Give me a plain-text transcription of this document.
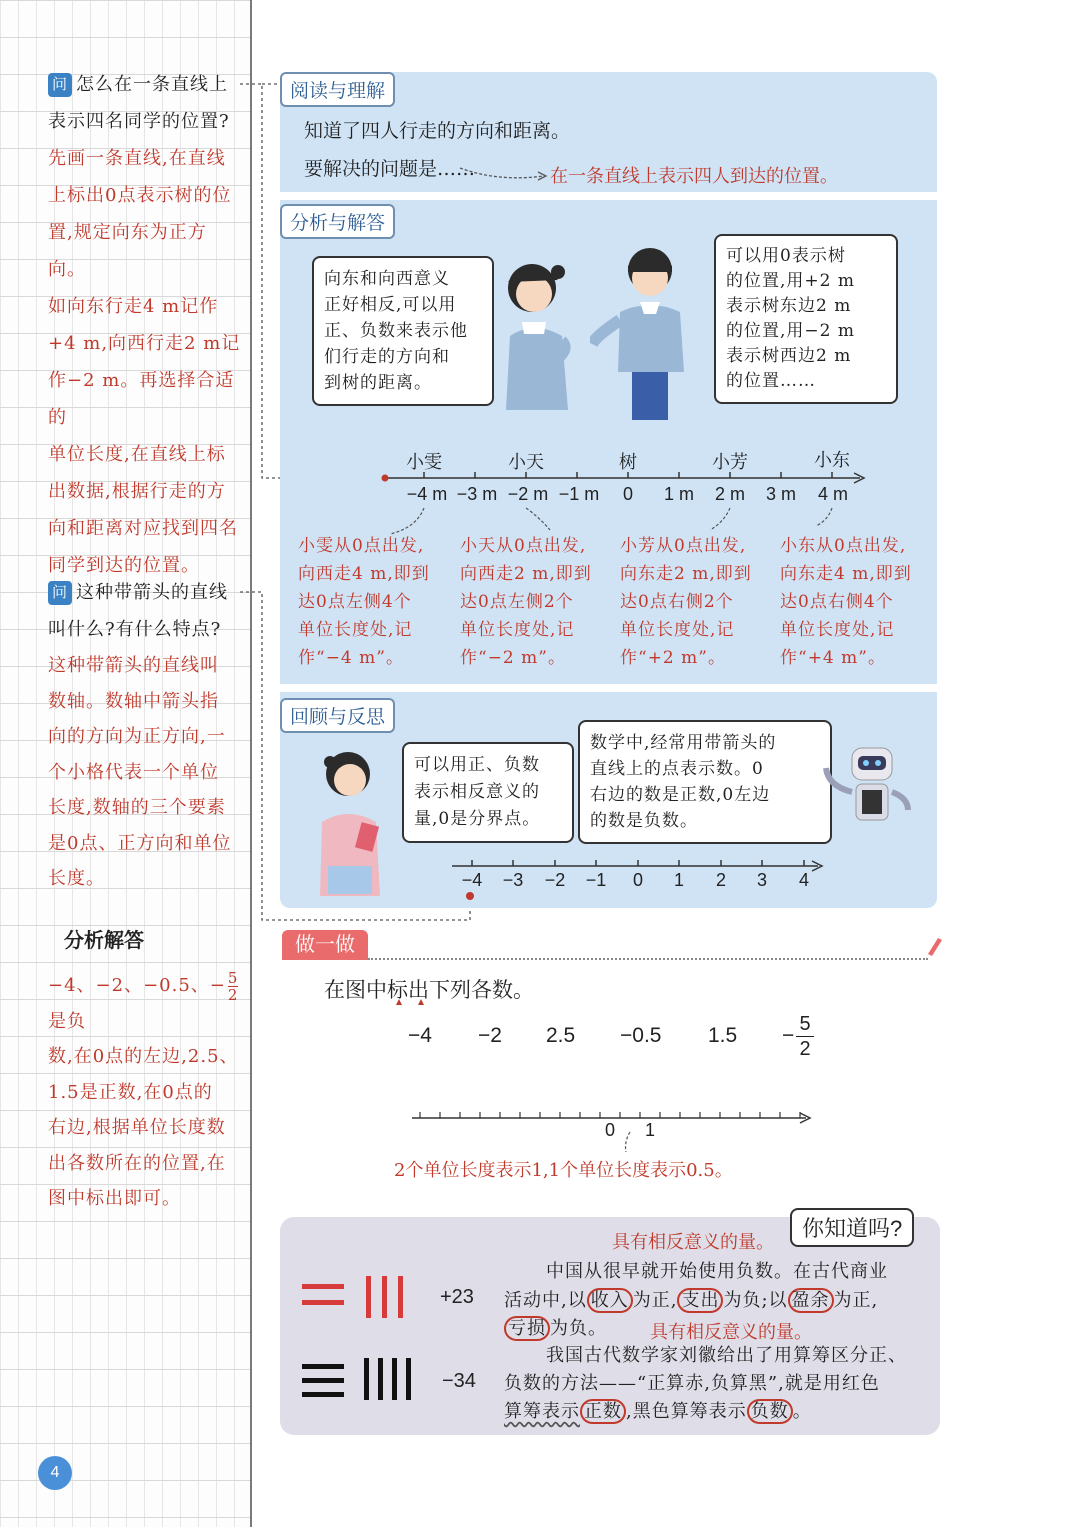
问 怎么在一条直线上
表示四名同学的位置?
先画一条直线,在直线
上标出0点表示树的位
置,规定向东为正方向。
如向东行走4 m记作
+4 m,向西行走2 m记
作−2 m。再选择合适的
单位长度,在直线上标
出数据,根据行走的方
向和距离对应找到四名
同学到达的位置。
问 这种带箭头的直线
叫什么?有什么特点?
这种带箭头的直线叫
数轴。数轴中箭头指
向的方向为正方向,一
个小格代表一个单位
长度,数轴的三个要素
是0点、正方向和单位
长度。
分析解答
−4、−2、−0.5、− $\frac{5}{2}$
是负
数,在0点的左边,2.5、
1.5是正数,在0点的
右边,根据单位长度数
出各数所在的位置,在
图中标出即可。
4
阅读与理解
知道了四人行走的方向和距离。
要解决的问题是……	在一条直线上表示四人到达的位置。
分析与解答
向东和向西意义
正好相反,可以用
正、负数来表示他
们行走的方向和
到树的距离。
可以用0表示树
的位置,用+2 m
表示树东边2 m
的位置,用−2 m
表示树西边2 m
的位置……
小雯	小天	树	小芳	小东
−4 m −3 m −2 m −1 m	0	1 m	2 m	3 m	4 m
小雯从0点出发,
向西走4 m,即到
达0点左侧4个
单位长度处,记
作“−4 m”。
小天从0点出发,
向西走2 m,即到
达0点左侧2个
单位长度处,记
作“−2 m”。
小芳从0点出发,
向东走2 m,即到
达0点右侧2个
单位长度处,记
作“+2 m”。
小东从0点出发,
向东走4 m,即到
达0点右侧4个
单位长度处,记
作“+4 m”。
回顾与反思
可以用正、负数
表示相反意义的
量,0是分界点。
数学中,经常用带箭头的
直线上的点表示数。0
右边的数是正数,0左边
的数是负数。
−4 −3 −2 −1	0	1	2	3	4
做一做
在图中标出下列各数。
−4 −2 2.5 −0.5 $1.5 - \frac{5}{2}$
0 1
2个单位长度表示1,1个单位长度表示0.5。
你知道吗?
+23
−34
具有相反意义的量。
具有相反意义的量。
中国从很早就开始使用负数。在古代商业
活动中,以 收入 为正, 支出 为负;以 盈余 为正,
亏损 为负。
我国古代数学家刘徽给出了用算筹区分正、
负数的方法——“正算赤,负算黑”,就是用红色
算筹表示 正数 ,黑色算筹表示 负数 。
